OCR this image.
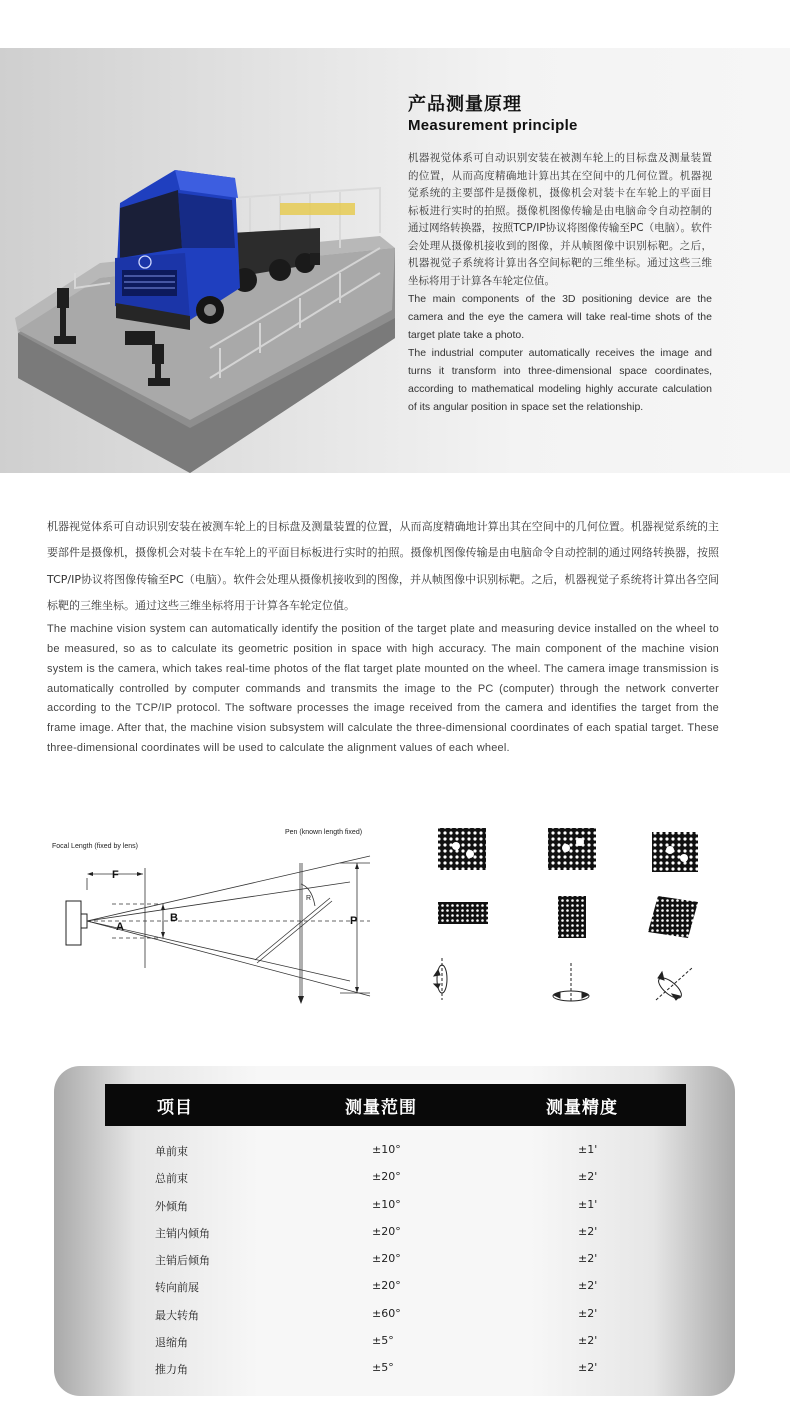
产品测量原理
Measurement principle

机器视觉体系可自动识别安装在被测车轮上的目标盘及测量装置的位置，从而高度精确地计算出其在空间中的几何位置。机器视觉系统的主要部件是摄像机，摄像机会对装卡在车轮上的平面目标板进行实时的拍照。摄像机图像传输是由电脑命令自动控制的通过网络转换器，按照TCP/IP协议将图像传输至PC（电脑）。软件会处理从摄像机接收到的图像，并从帧图像中识别标靶。之后，机器视觉子系统将计算出各空间标靶的三维坐标。通过这些三维坐标将用于计算各车轮定位值。

The main components of the 3D positioning device are the camera and the eye the camera will take real-time shots of the target plate take a photo.

The industrial computer automatically receives the image and turns it transform into three-dimensional space coordinates, according to mathematical modeling highly accurate calculation of its angular position in space set the relationship.

机器视觉体系可自动识别安装在被测车轮上的目标盘及测量装置的位置，从而高度精确地计算出其在空间中的几何位置。机器视觉系统的主要部件是摄像机，摄像机会对装卡在车轮上的平面目标板进行实时的拍照。摄像机图像传输是由电脑命令自动控制的通过网络转换器，按照TCP/IP协议将图像传输至PC（电脑）。软件会处理从摄像机接收到的图像，并从帧图像中识别标靶。之后，机器视觉子系统将计算出各空间标靶的三维坐标。通过这些三维坐标将用于计算各车轮定位值。

The machine vision system can automatically identify the position of the target plate and measuring device installed on the wheel to be measured, so as to calculate its geometric position in space with high accuracy. The main component of the machine vision system is the camera, which takes real-time photos of the flat target plate mounted on the wheel. The camera image transmission is automatically controlled by computer commands and transmits the image to the PC (computer) through the network converter according to the TCP/IP protocol. The software processes the image received from the camera and identifies the target from the frame image. After that, the machine vision subsystem will calculate the three-dimensional coordinates of each spatial target. These three-dimensional coordinates will be used to calculate the alignment values of each wheel.

Focal Length (fixed by lens)
Pen (known length fixed)
F
B
A	P
R
项目	测量范围	测量精度
单前束	±10°	±1'
总前束	±20°	±2'
外倾角	±10°	±1'
主销内倾角	±20°	±2'
主销后倾角	±20°	±2'
转向前展	±20°	±2'
最大转角	±60°	±2'
退缩角	±5°	±2'
推力角	±5°	±2'
